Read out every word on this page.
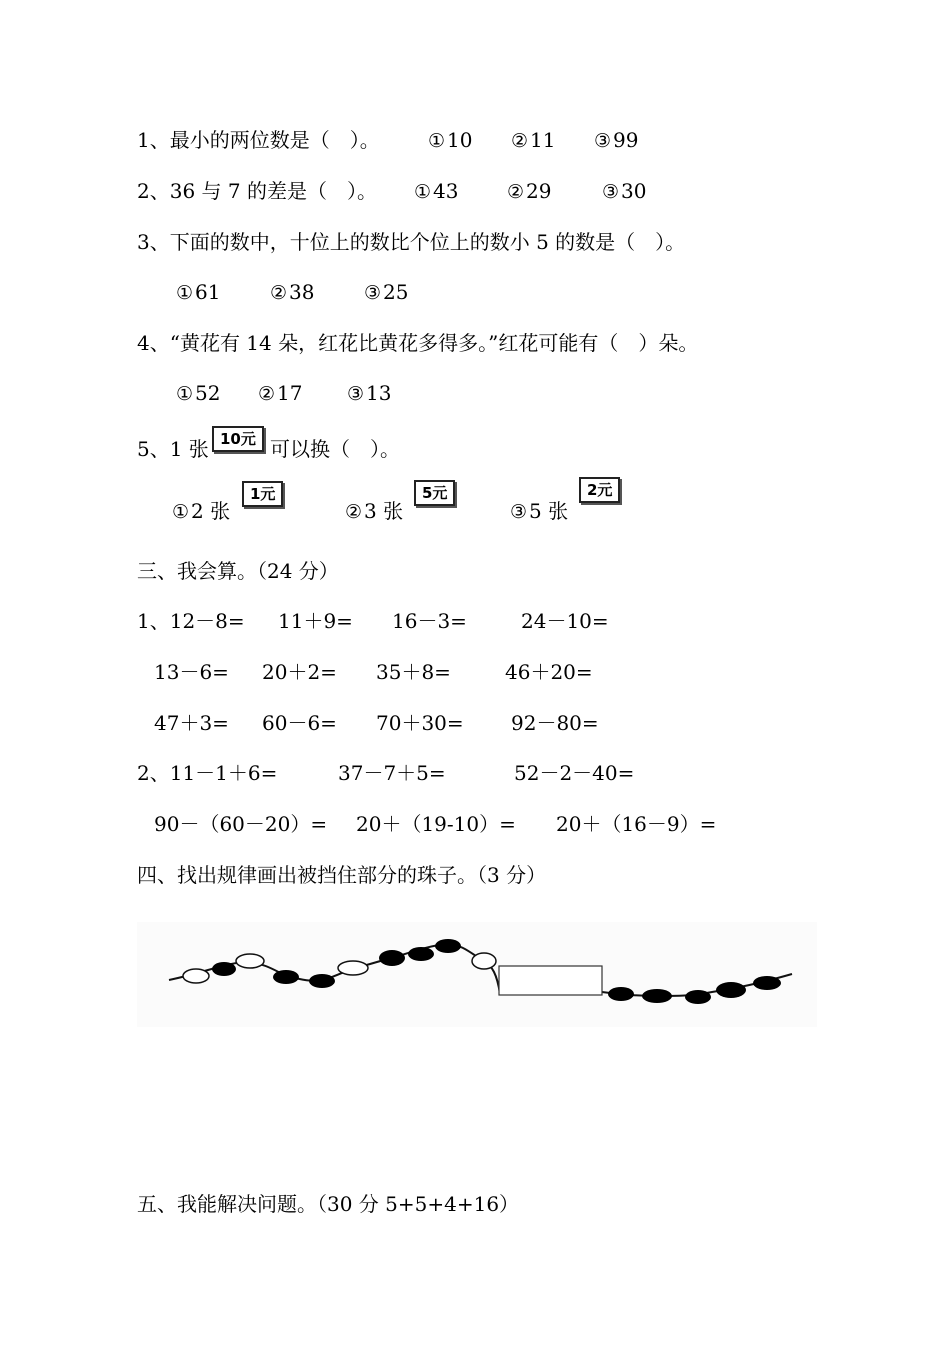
1、最小的两位数是（　）。	① 10 ② 11 ③ 99
2、36 与 7 的差是（　）。 ① 43	② 29	③ 30
3、下面的数中，十位上的数比个位上的数小 5 的数是（　）。
① 61	② 38	③ 25
4、“黄花有 14 朵，红花比黄花多得多。”红花可能有（　）朵。
① 52 ② 17 ③ 13
5、1 张 10元 可以换（　）。
① 2 张
1元
② 3 张
5元
③ 5 张
2元
三、我会算。（24 分）
1、12－8= 11＋9= 16－3=	24－10=
13－6= 20＋2= 35＋8=	46＋20=
47＋3= 60－6= 70＋30= 92－80=
2、11－1＋6=	37－7＋5=	52－2－40=
90－（60－20）= 20＋（19-10）= 20＋（16－9）=
四、找出规律画出被挡住部分的珠子。（3 分）
五、我能解决问题。（30 分 5+5+4+16）
